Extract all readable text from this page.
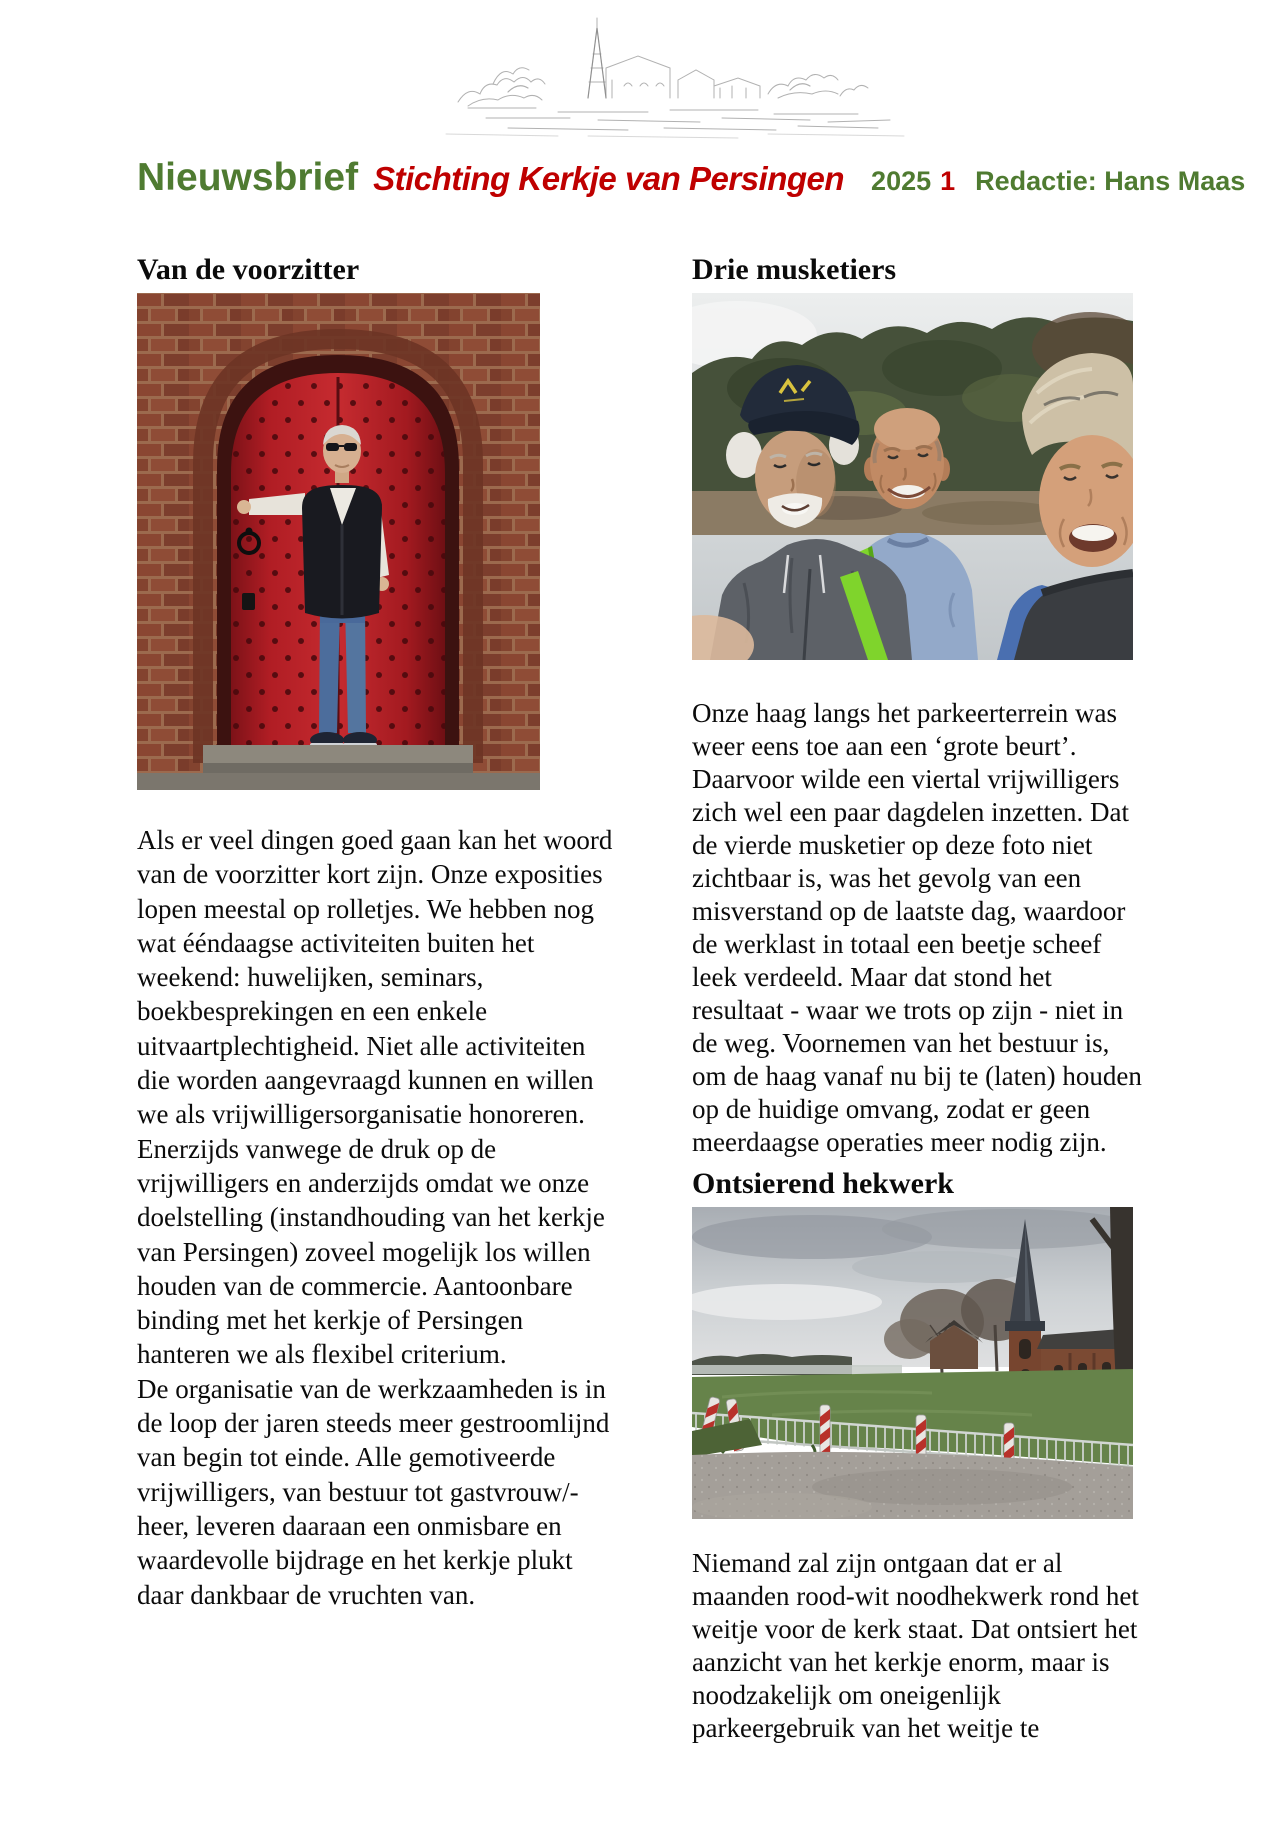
Nieuwsbrief Stichting Kerkje van Persingen 2025 1 Redactie: Hans Maas
Van de voorzitter

Als er veel dingen goed gaan kan het woord van de voorzitter kort zijn. Onze exposities lopen meestal op rolletjes. We hebben nog wat ééndaagse activiteiten buiten het weekend: huwelijken, seminars, boekbesprekingen en een enkele uitvaartplechtigheid. Niet alle activiteiten die worden aangevraagd kunnen en willen we als vrijwilligersorganisatie honoreren. Enerzijds vanwege de druk op de vrijwilligers en anderzijds omdat we onze doelstelling (instandhouding van het kerkje van Persingen) zoveel mogelijk los willen houden van de commercie. Aantoonbare binding met het kerkje of Persingen hanteren we als flexibel criterium.

De organisatie van de werkzaamheden is in de loop der jaren steeds meer gestroomlijnd van begin tot einde. Alle gemotiveerde vrijwilligers, van bestuur tot gastvrouw/-heer, leveren daaraan een onmisbare en waardevolle bijdrage en het kerkje plukt daar dankbaar de vruchten van.

Drie musketiers

Onze haag langs het parkeerterrein was weer eens toe aan een ‘grote beurt’. Daarvoor wilde een viertal vrijwilligers zich wel een paar dagdelen inzetten. Dat de vierde musketier op deze foto niet zichtbaar is, was het gevolg van een misverstand op de laatste dag, waardoor de werklast in totaal een beetje scheef leek verdeeld. Maar dat stond het resultaat - waar we trots op zijn - niet in de weg. Voornemen van het bestuur is, om de haag vanaf nu bij te (laten) houden op de huidige omvang, zodat er geen meerdaagse operaties meer nodig zijn.

Ontsierend hekwerk

Niemand zal zijn ontgaan dat er al maanden rood-wit noodhekwerk rond het weitje voor de kerk staat. Dat ontsiert het aanzicht van het kerkje enorm, maar is noodzakelijk om oneigenlijk parkeergebruik van het weitje te
